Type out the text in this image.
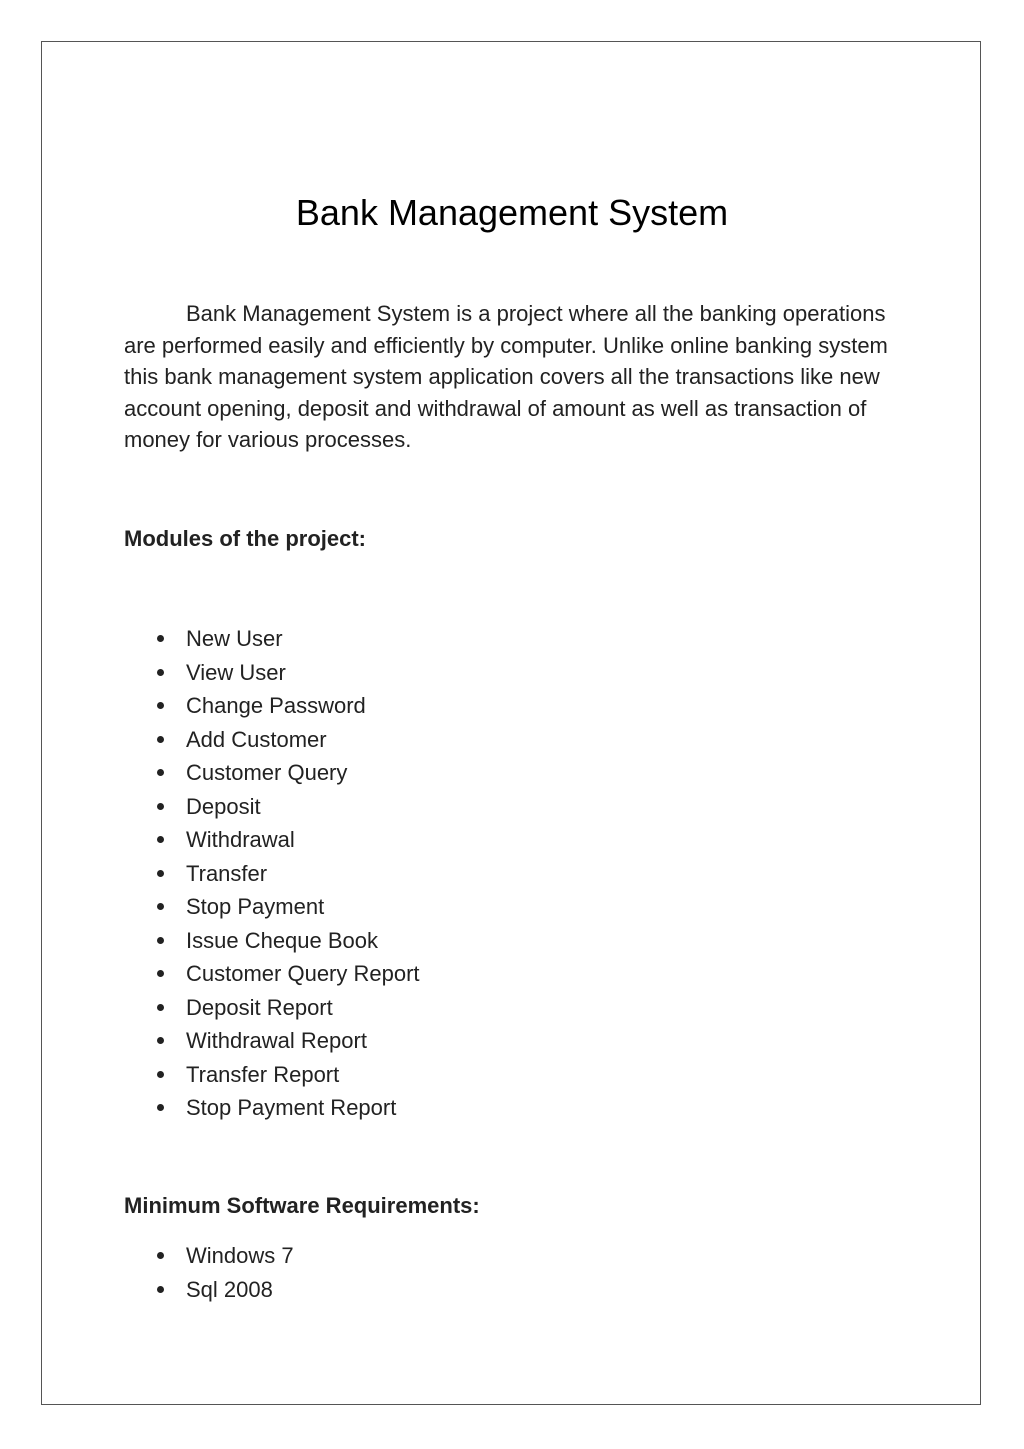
Bank Management System

Bank Management System is a project where all the banking operations are performed easily and efficiently by computer. Unlike online banking system this bank management system application covers all the transactions like new account opening, deposit and withdrawal of amount as well as transaction of money for various processes.

Modules of the project:
New User
View User
Change Password
Add Customer
Customer Query
Deposit
Withdrawal
Transfer
Stop Payment
Issue Cheque Book
Customer Query Report
Deposit Report
Withdrawal Report
Transfer Report
Stop Payment Report
Minimum Software Requirements:
Windows 7
Sql 2008
